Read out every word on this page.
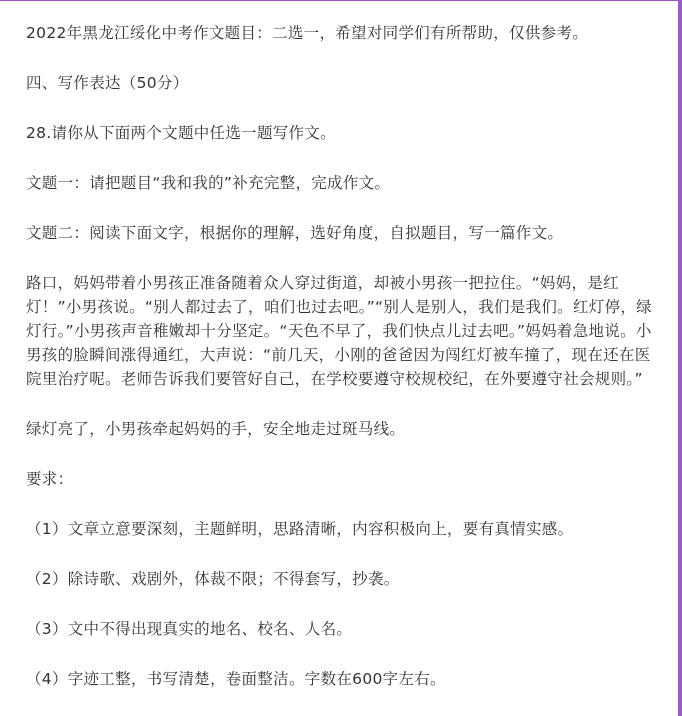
2022年黑龙江绥化中考作文题目：二选一，希望对同学们有所帮助，仅供参考。

四、写作表达（50分）

28.请你从下面两个文题中任选一题写作文。

文题一：请把题目“我和我的”补充完整，完成作文。

文题二：阅读下面文字，根据你的理解，选好角度，自拟题目，写一篇作文。

路口，妈妈带着小男孩正准备随着众人穿过街道，却被小男孩一把拉住。“妈妈，是红灯！”小男孩说。“别人都过去了，咱们也过去吧。”“别人是别人，我们是我们。红灯停，绿灯行。”小男孩声音稚嫩却十分坚定。“天色不早了，我们快点儿过去吧。”妈妈着急地说。小男孩的脸瞬间涨得通红，大声说：“前几天，小刚的爸爸因为闯红灯被车撞了，现在还在医院里治疗呢。老师告诉我们要管好自己，在学校要遵守校规校纪，在外要遵守社会规则。”

绿灯亮了，小男孩牵起妈妈的手，安全地走过斑马线。

要求：

（1）文章立意要深刻，主题鲜明，思路清晰，内容积极向上，要有真情实感。

（2）除诗歌、戏剧外，体裁不限；不得套写，抄袭。

（3）文中不得出现真实的地名、校名、人名。

（4）字迹工整，书写清楚，卷面整洁。字数在600字左右。
